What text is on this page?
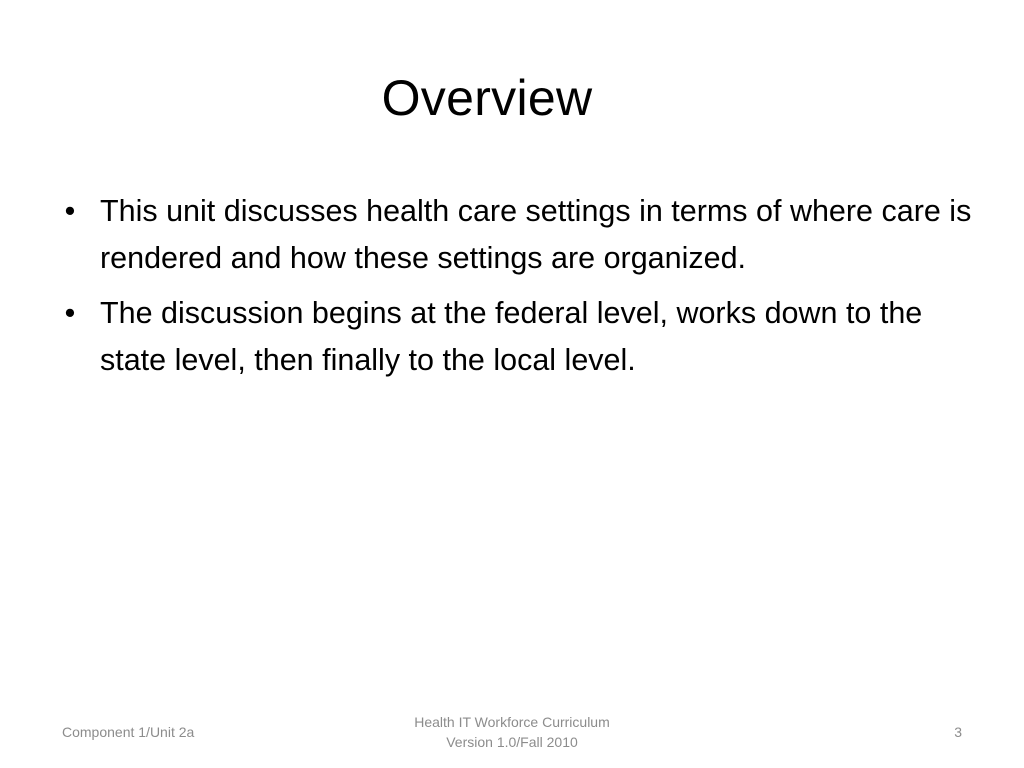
Overview
• This unit discusses health care settings in terms of where care is rendered and how these settings are organized.
• The discussion begins at the federal level, works down to the state level, then finally to the local level.
Component 1/Unit 2a
Health IT Workforce Curriculum
Version 1.0/Fall 2010
3
